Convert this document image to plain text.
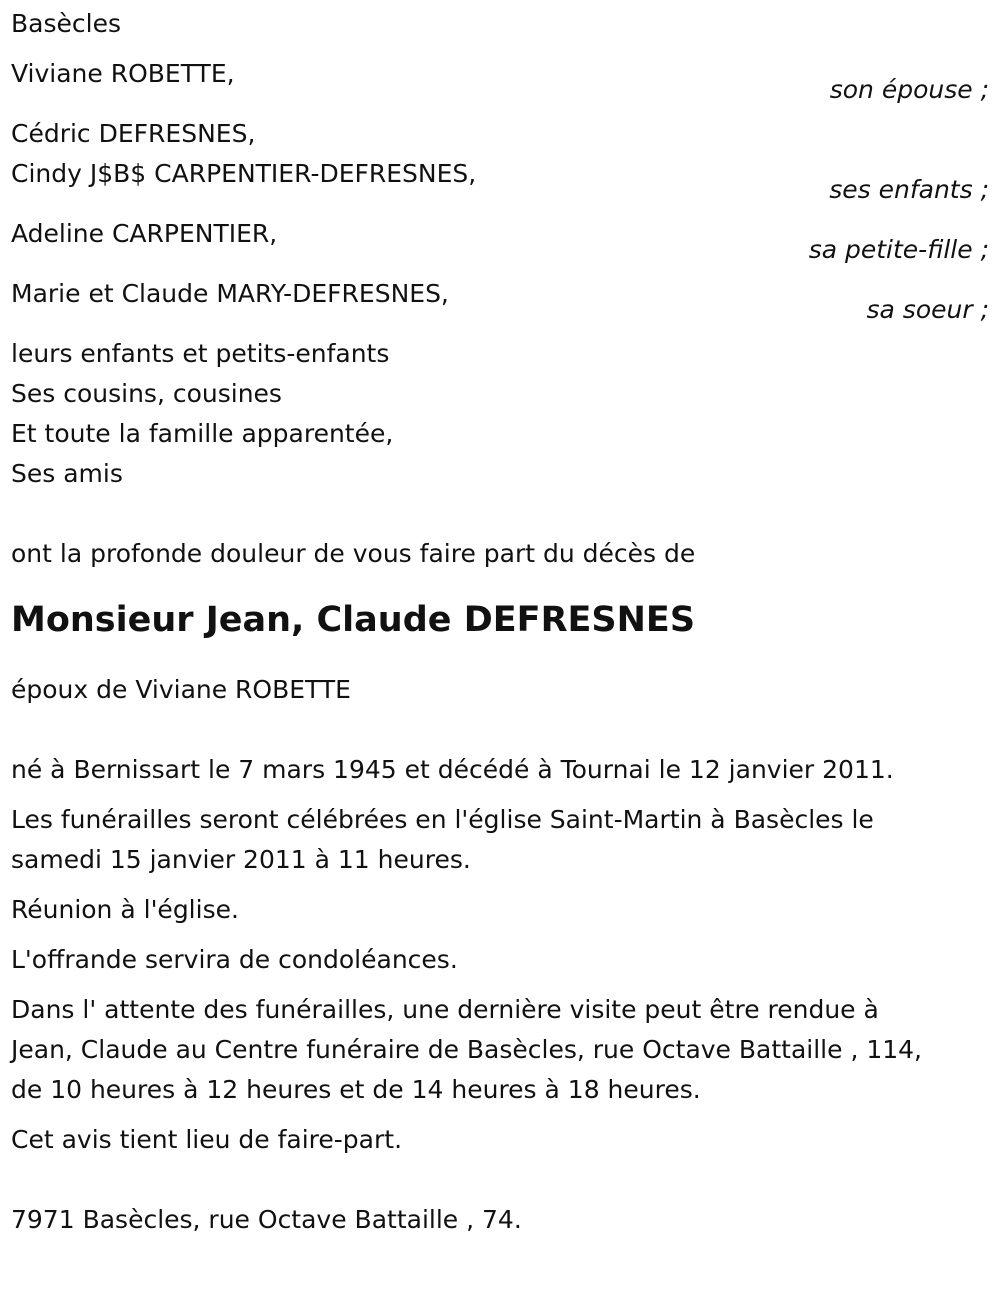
Basècles
Viviane ROBETTE,
son épouse ;
Cédric DEFRESNES,
Cindy J$B$ CARPENTIER-DEFRESNES,
ses enfants ;
Adeline CARPENTIER,
sa petite-fille ;
Marie et Claude MARY-DEFRESNES,
sa soeur ;
leurs enfants et petits-enfants
Ses cousins, cousines
Et toute la famille apparentée,
Ses amis
ont la profonde douleur de vous faire part du décès de
Monsieur Jean, Claude DEFRESNES
époux de Viviane ROBETTE
né à Bernissart le 7 mars 1945 et décédé à Tournai le 12 janvier 2011.
Les funérailles seront célébrées en l'église Saint-Martin à Basècles le
samedi 15 janvier 2011 à 11 heures.
Réunion à l'église.
L'offrande servira de condoléances.
Dans l' attente des funérailles, une dernière visite peut être rendue à
Jean, Claude au Centre funéraire de Basècles, rue Octave Battaille , 114,
de 10 heures à 12 heures et de 14 heures à 18 heures.
Cet avis tient lieu de faire-part.
7971 Basècles, rue Octave Battaille , 74.
